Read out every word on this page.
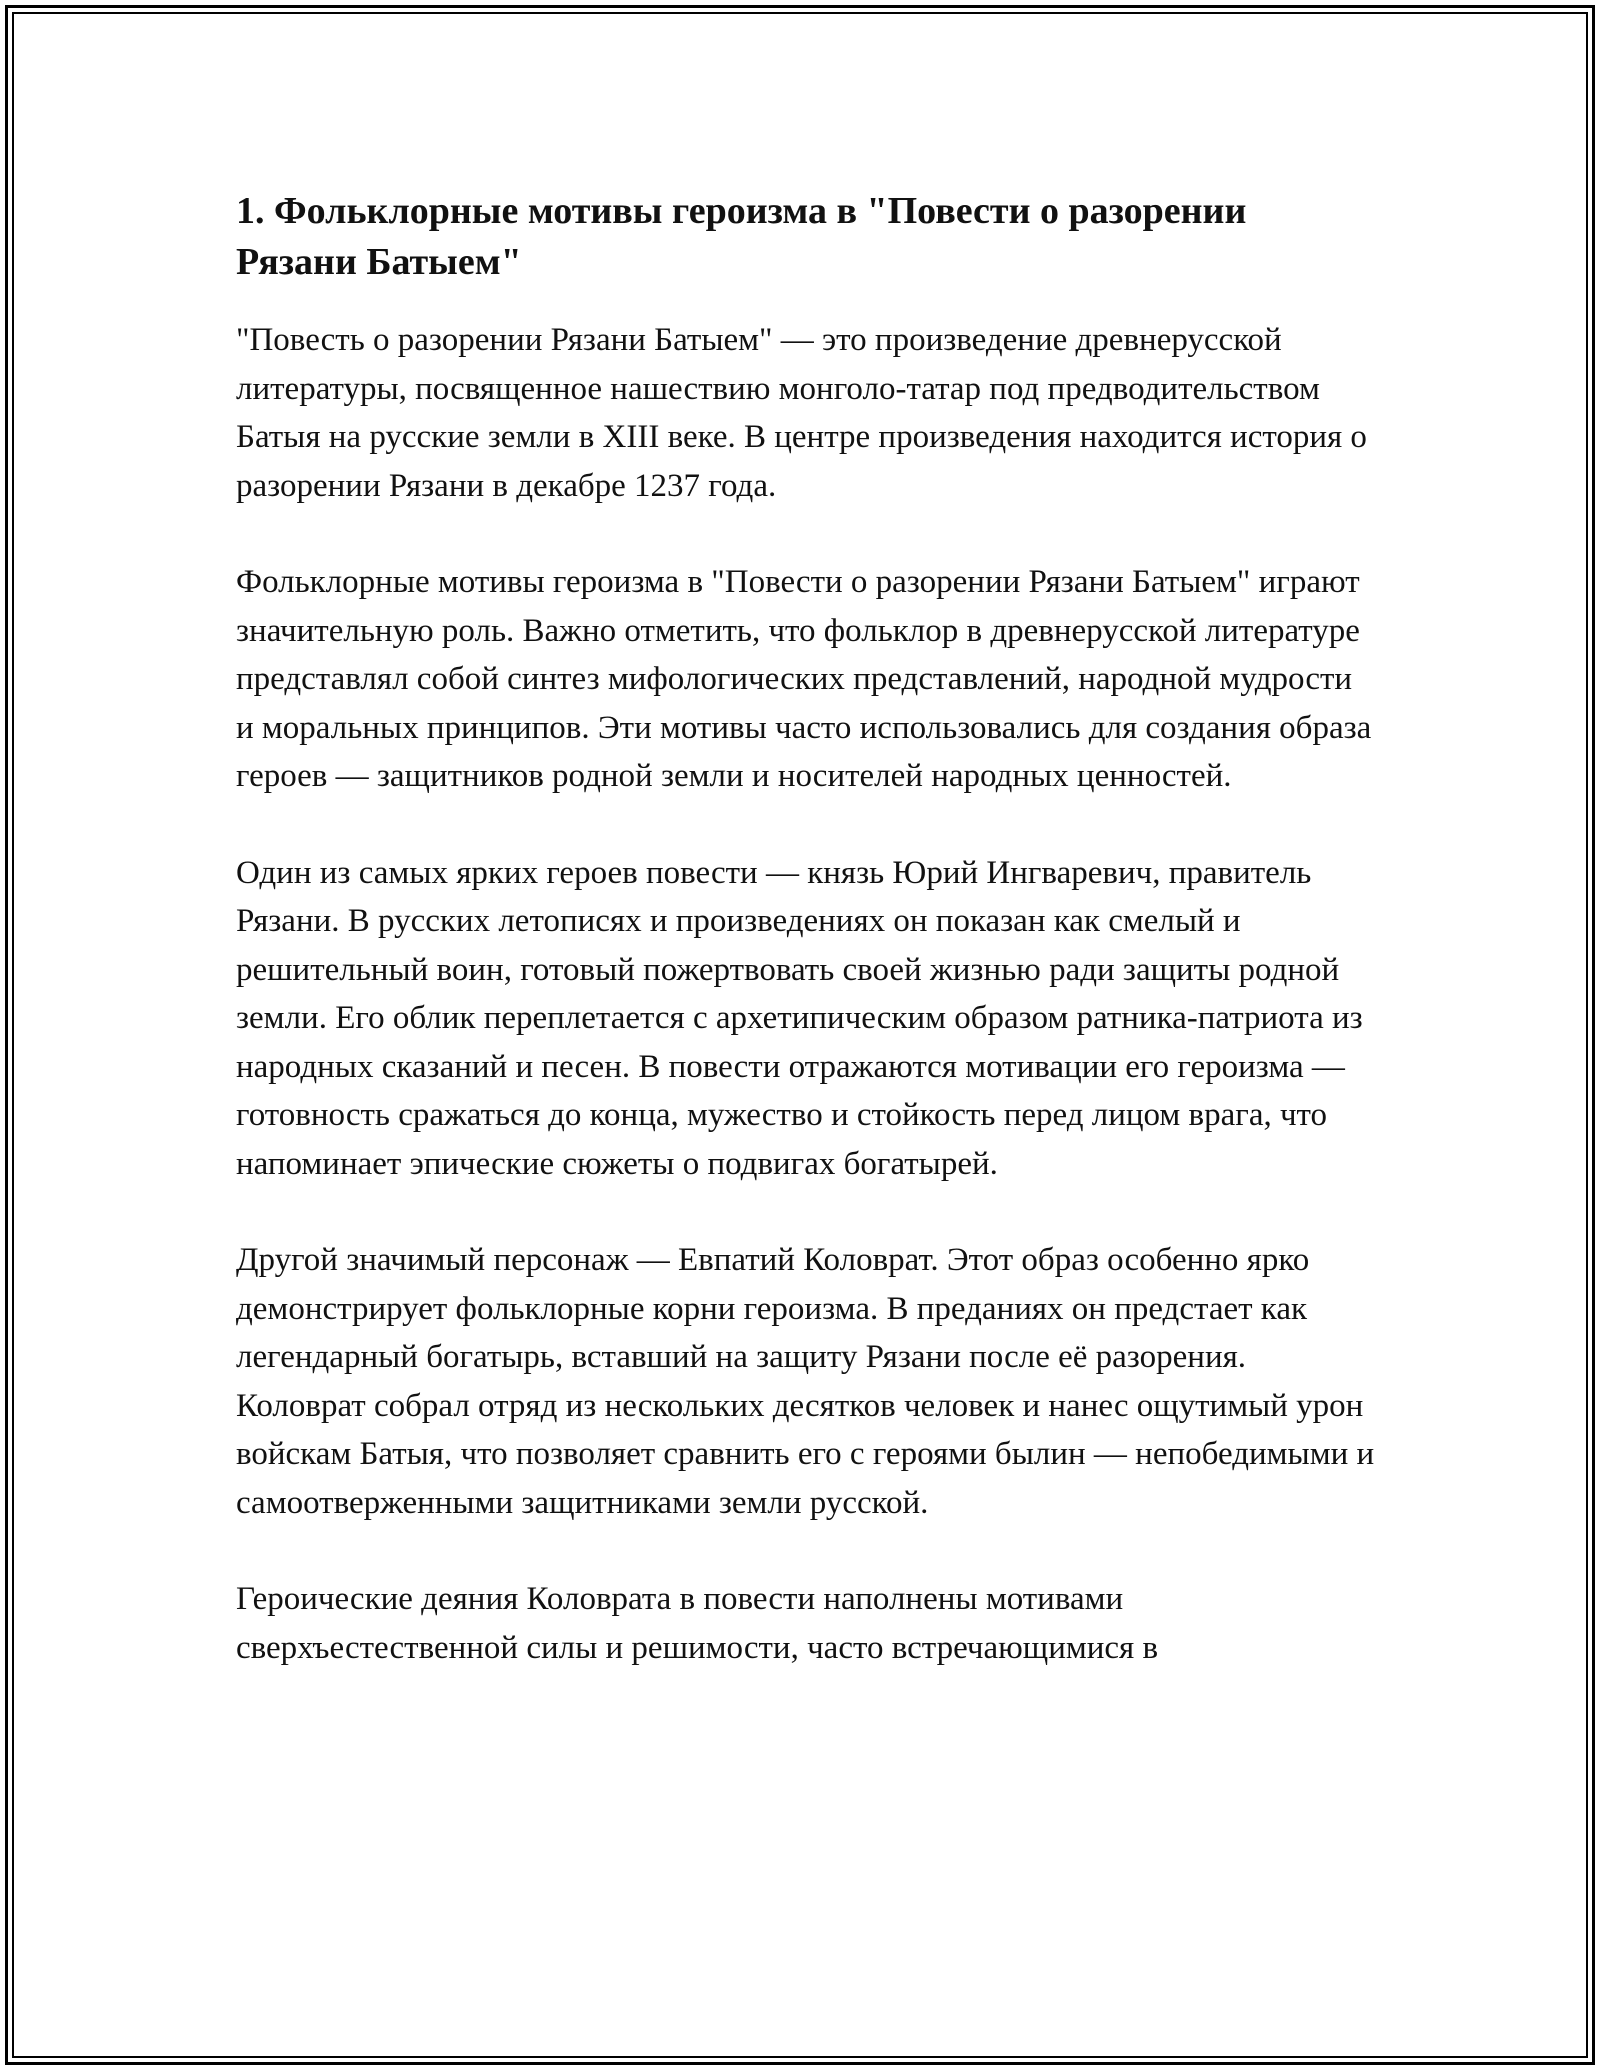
1. Фольклорные мотивы героизма в "Повести о разорении Рязани Батыем"

"Повесть о разорении Рязани Батыем" — это произведение древнерусской литературы, посвященное нашествию монголо-татар под предводительством Батыя на русские земли в XIII веке. В центре произведения находится история о разорении Рязани в декабре 1237 года.

Фольклорные мотивы героизма в "Повести о разорении Рязани Батыем" играют значительную роль. Важно отметить, что фольклор в древнерусской литературе представлял собой синтез мифологических представлений, народной мудрости и моральных принципов. Эти мотивы часто использовались для создания образа героев — защитников родной земли и носителей народных ценностей.

Один из самых ярких героев повести — князь Юрий Ингваревич, правитель Рязани. В русских летописях и произведениях он показан как смелый и решительный воин, готовый пожертвовать своей жизнью ради защиты родной земли. Его облик переплетается с архетипическим образом ратника-патриота из народных сказаний и песен. В повести отражаются мотивации его героизма — готовность сражаться до конца, мужество и стойкость перед лицом врага, что напоминает эпические сюжеты о подвигах богатырей.

Другой значимый персонаж — Евпатий Коловрат. Этот образ особенно ярко демонстрирует фольклорные корни героизма. В преданиях он предстает как легендарный богатырь, вставший на защиту Рязани после её разорения. Коловрат собрал отряд из нескольких десятков человек и нанес ощутимый урон войскам Батыя, что позволяет сравнить его с героями былин — непобедимыми и самоотверженными защитниками земли русской.

Героические деяния Коловрата в повести наполнены мотивами сверхъестественной силы и решимости, часто встречающимися в
